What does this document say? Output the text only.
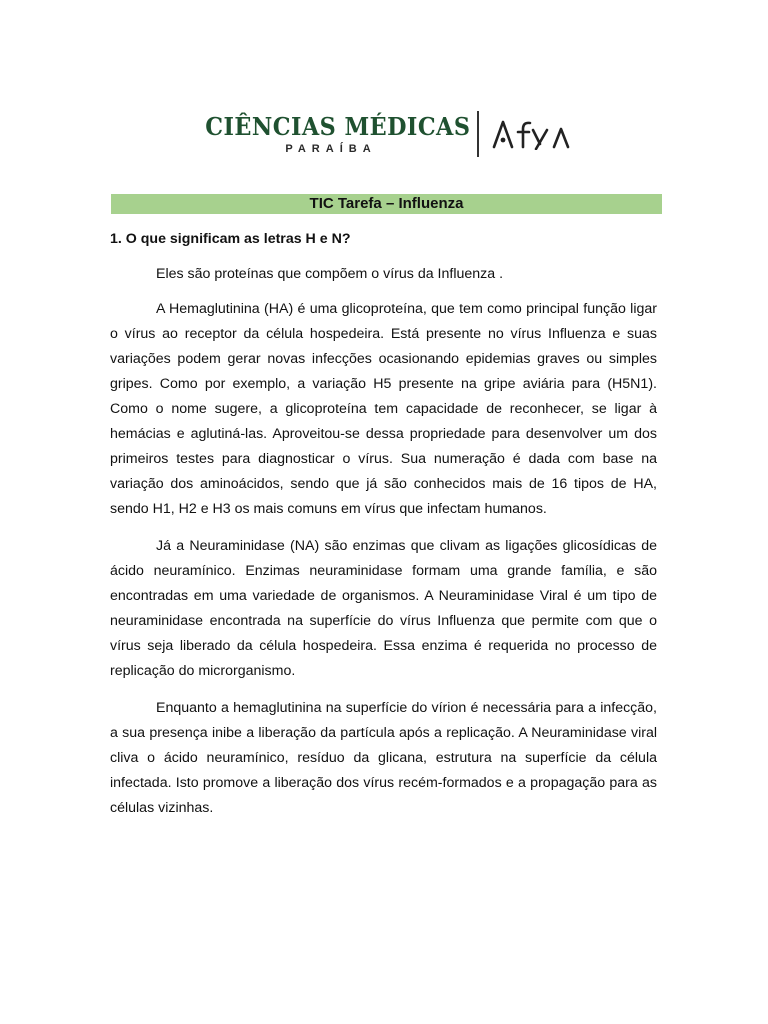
CIÊNCIAS MÉDICAS
PARAÍBA
TIC Tarefa – Influenza

1. O que significam as letras H e N?

Eles são proteínas que compõem o vírus da Influenza .

A Hemaglutinina (HA) é uma glicoproteína, que tem como principal função ligar o vírus ao receptor da célula hospedeira. Está presente no vírus Influenza e suas variações podem gerar novas infecções ocasionando epidemias graves ou simples gripes. Como por exemplo, a variação H5 presente na gripe aviária para (H5N1). Como o nome sugere, a glicoproteína tem capacidade de reconhecer, se ligar à hemácias e aglutiná-las. Aproveitou-se dessa propriedade para desenvolver um dos primeiros testes para diagnosticar o vírus. Sua numeração é dada com base na variação dos aminoácidos, sendo que já são conhecidos mais de 16 tipos de HA, sendo H1, H2 e H3 os mais comuns em vírus que infectam humanos.

Já a Neuraminidase (NA) são enzimas que clivam as ligações glicosídicas de ácido neuramínico. Enzimas neuraminidase formam uma grande família, e são encontradas em uma variedade de organismos. A Neuraminidase Viral é um tipo de neuraminidase encontrada na superfície do vírus Influenza que permite com que o vírus seja liberado da célula hospedeira. Essa enzima é requerida no processo de replicação do microrganismo.

Enquanto a hemaglutinina na superfície do vírion é necessária para a infecção, a sua presença inibe a liberação da partícula após a replicação. A Neuraminidase viral cliva o ácido neuramínico, resíduo da glicana, estrutura na superfície da célula infectada. Isto promove a liberação dos vírus recém-formados e a propagação para as células vizinhas.
